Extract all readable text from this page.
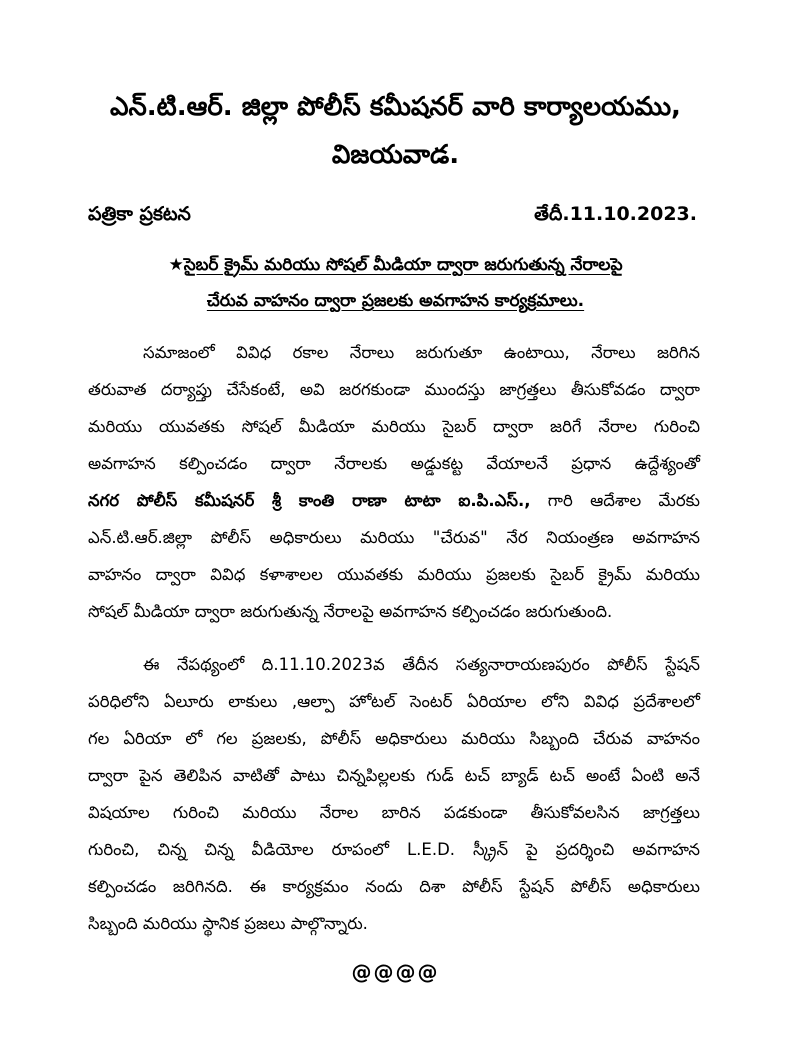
ఎన్.టి.ఆర్. జిల్లా పోలీస్ కమీషనర్ వారి కార్యాలయము,
విజయవాడ.
పత్రికా ప్రకటన	తేదీ.11.10.2023.
★సైబర్ క్రైమ్ మరియు సోషల్ మీడియా ద్వారా జరుగుతున్న నేరాలపై
చేరువ వాహనం ద్వారా ప్రజలకు అవగాహన కార్యక్రమాలు.
సమాజంలో వివిధ రకాల నేరాలు జరుగుతూ ఉంటాయి, నేరాలు జరిగిన
తరువాత దర్యాప్తు చేసేకంటే, అవి జరగకుండా ముందస్తు జాగ్రత్తలు తీసుకోవడం ద్వారా
మరియు యువతకు సోషల్ మీడియా మరియు సైబర్ ద్వారా జరిగే నేరాల గురించి
అవగాహన కల్పించడం ద్వారా నేరాలకు అడ్డుకట్ట వేయాలనే ప్రధాన ఉద్దేశ్యంతో
నగర పోలీస్ కమీషనర్ శ్రీ కాంతి రాణా టాటా ఐ.పి.ఎస్., గారి ఆదేశాల మేరకు
ఎన్.టి.ఆర్.జిల్లా పోలీస్ అధికారులు మరియు "చేరువ" నేర నియంత్రణ అవగాహన
వాహనం ద్వారా వివిధ కళాశాలల యువతకు మరియు ప్రజలకు సైబర్ క్రైమ్ మరియు
సోషల్ మీడియా ద్వారా జరుగుతున్న నేరాలపై అవగాహన కల్పించడం జరుగుతుంది.
ఈ నేపథ్యంలో ది.11.10.2023వ తేదీన సత్యనారాయణపురం పోలీస్ స్టేషన్
పరిధిలోని ఏలూరు లాకులు ,ఆల్పా హోటల్ సెంటర్ ఏరియాల లోని వివిధ ప్రదేశాలలో
గల ఏరియా లో గల ప్రజలకు, పోలీస్ అధికారులు మరియు సిబ్బంది చేరువ వాహనం
ద్వారా పైన తెలిపిన వాటితో పాటు చిన్నపిల్లలకు గుడ్ టచ్ బ్యాడ్ టచ్ అంటే ఏంటి అనే
విషయాల గురించి మరియు నేరాల బారిన పడకుండా తీసుకోవలసిన జాగ్రత్తలు
గురించి, చిన్న చిన్న వీడియోల రూపంలో L.E.D. స్క్రీన్ పై ప్రదర్శించి అవగాహన
కల్పించడం జరిగినది. ఈ కార్యక్రమం నందు దిశా పోలీస్ స్టేషన్ పోలీస్ అధికారులు
సిబ్బంది మరియు స్థానిక ప్రజలు పాల్గొన్నారు.
@@@@
